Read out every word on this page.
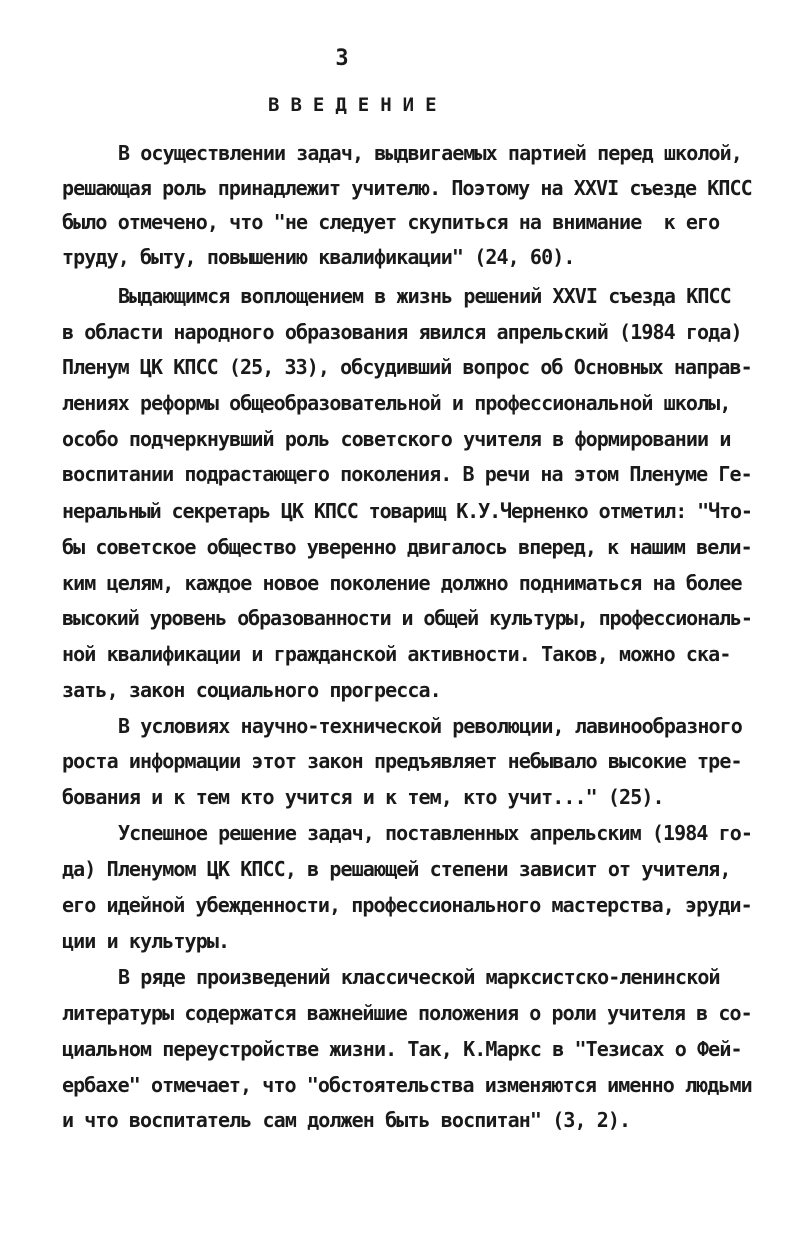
3
ВВЕДЕНИЕ
В осуществлении задач, выдвигаемых партией перед школой,
решающая роль принадлежит учителю. Поэтому на XXVI съезде КПСС
было отмечено, что "не следует скупиться на внимание  к его
труду, быту, повышению квалификации" (24, 60).
Выдающимся воплощением в жизнь решений XXVI съезда КПСС
в области народного образования явился апрельский (1984 года)
Пленум ЦК КПСС (25, 33), обсудивший вопрос об Основных направ-
лениях реформы общеобразовательной и профессиональной школы,
особо подчеркнувший роль советского учителя в формировании и
воспитании подрастающего поколения. В речи на этом Пленуме Ге-
неральный секретарь ЦК КПСС товарищ К.У.Черненко отметил: "Что-
бы советское общество уверенно двигалось вперед, к нашим вели-
ким целям, каждое новое поколение должно подниматься на более
высокий уровень образованности и общей культуры, профессиональ-
ной квалификации и гражданской активности. Таков, можно ска-
зать, закон социального прогресса.
В условиях научно-технической революции, лавинообразного
роста информации этот закон предъявляет небывало высокие тре-
бования и к тем кто учится и к тем, кто учит..." (25).
Успешное решение задач, поставленных апрельским (1984 го-
да) Пленумом ЦК КПСС, в решающей степени зависит от учителя,
его идейной убежденности, профессионального мастерства, эруди-
ции и культуры.
В ряде произведений классической марксистско-ленинской
литературы содержатся важнейшие положения о роли учителя в со-
циальном переустройстве жизни. Так, К.Маркс в "Тезисах о Фей-
ербахе" отмечает, что "обстоятельства изменяются именно людьми
и что воспитатель сам должен быть воспитан" (3, 2).
